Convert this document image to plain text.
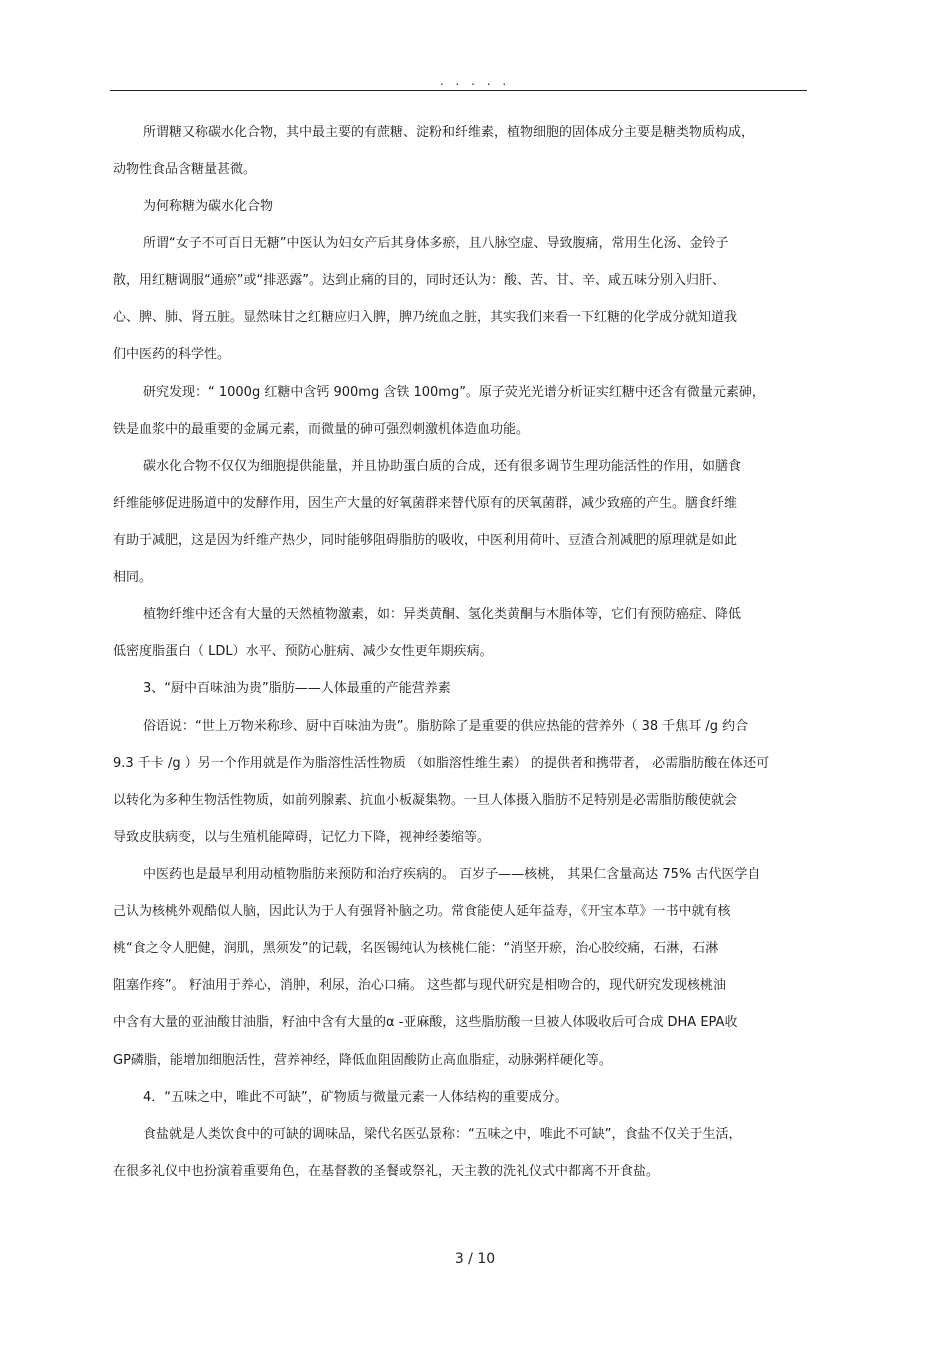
. . . . .
所谓糖又称碳水化合物，其中最主要的有蔗糖、淀粉和纤维素，植物细胞的固体成分主要是糖类物质构成，
动物性食品含糖量甚微。
为何称糖为碳水化合物
所谓“女子不可百日无糖”中医认为妇女产后其身体多瘀，且八脉空虚、导致腹痛，常用生化汤、金铃子
散，用红糖调服“通瘀”或“排恶露”。达到止痛的目的，同时还认为：酸、苦、甘、辛、咸五味分别入归肝、
心、脾、肺、肾五脏。显然味甘之红糖应归入脾，脾乃统血之脏，其实我们来看一下红糖的化学成分就知道我
们中医药的科学性。
研究发现：“ 1000g 红糖中含钙 900mg 含铁 100mg”。原子荧光光谱分析证实红糖中还含有微量元素砷，
铁是血浆中的最重要的金属元素，而微量的砷可强烈刺激机体造血功能。
碳水化合物不仅仅为细胞提供能量，并且协助蛋白质的合成，还有很多调节生理功能活性的作用，如膳食
纤维能够促进肠道中的发酵作用，因生产大量的好氧菌群来替代原有的厌氧菌群，减少致癌的产生。膳食纤维
有助于减肥，这是因为纤维产热少，同时能够阻碍脂肪的吸收，中医利用荷叶、豆渣合剂减肥的原理就是如此
相同。
植物纤维中还含有大量的天然植物激素，如：异类黄酮、氢化类黄酮与木脂体等，它们有预防癌症、降低
低密度脂蛋白（ LDL）水平、预防心脏病、减少女性更年期疾病。
3、“厨中百味油为贵”脂肪——人体最重的产能营养素
俗语说：“世上万物米称珍、厨中百味油为贵”。脂肪除了是重要的供应热能的营养外（ 38 千焦耳 /g 约合
9.3 千卡 /g ）另一个作用就是作为脂溶性活性物质 （如脂溶性维生素） 的提供者和携带者， 必需脂肪酸在体还可
以转化为多种生物活性物质，如前列腺素、抗血小板凝集物。一旦人体摄入脂肪不足特别是必需脂肪酸使就会
导致皮肤病变，以与生殖机能障碍，记忆力下降，视神经萎缩等。
中医药也是最早利用动植物脂肪来预防和治疗疾病的。 百岁子——核桃， 其果仁含量高达 75% 古代医学自
己认为核桃外观酷似人脑，因此认为于人有强肾补脑之功。常食能使人延年益寿，《开宝本草》一书中就有核
桃“食之令人肥健，润肌，黑须发”的记载，名医锡纯认为核桃仁能：“消坚开瘀，治心胶绞痛，石淋，石淋
阻塞作疼”。 籽油用于养心，消肿，利尿，治心口痛。 这些都与现代研究是相吻合的，现代研究发现核桃油
中含有大量的亚油酸甘油脂，籽油中含有大量的α -亚麻酸，这些脂肪酸一旦被人体吸收后可合成 DHA EPA收
GP磷脂，能增加细胞活性，营养神经，降低血阻固酸防止高血脂症，动脉粥样硬化等。
4．“五味之中，唯此不可缺”，矿物质与微量元素一人体结构的重要成分。
食盐就是人类饮食中的可缺的调味品，梁代名医弘景称：“五味之中，唯此不可缺”，食盐不仅关于生活，
在很多礼仪中也扮演着重要角色，在基督教的圣餐或祭礼，天主教的洗礼仪式中都离不开食盐。
3 / 10
